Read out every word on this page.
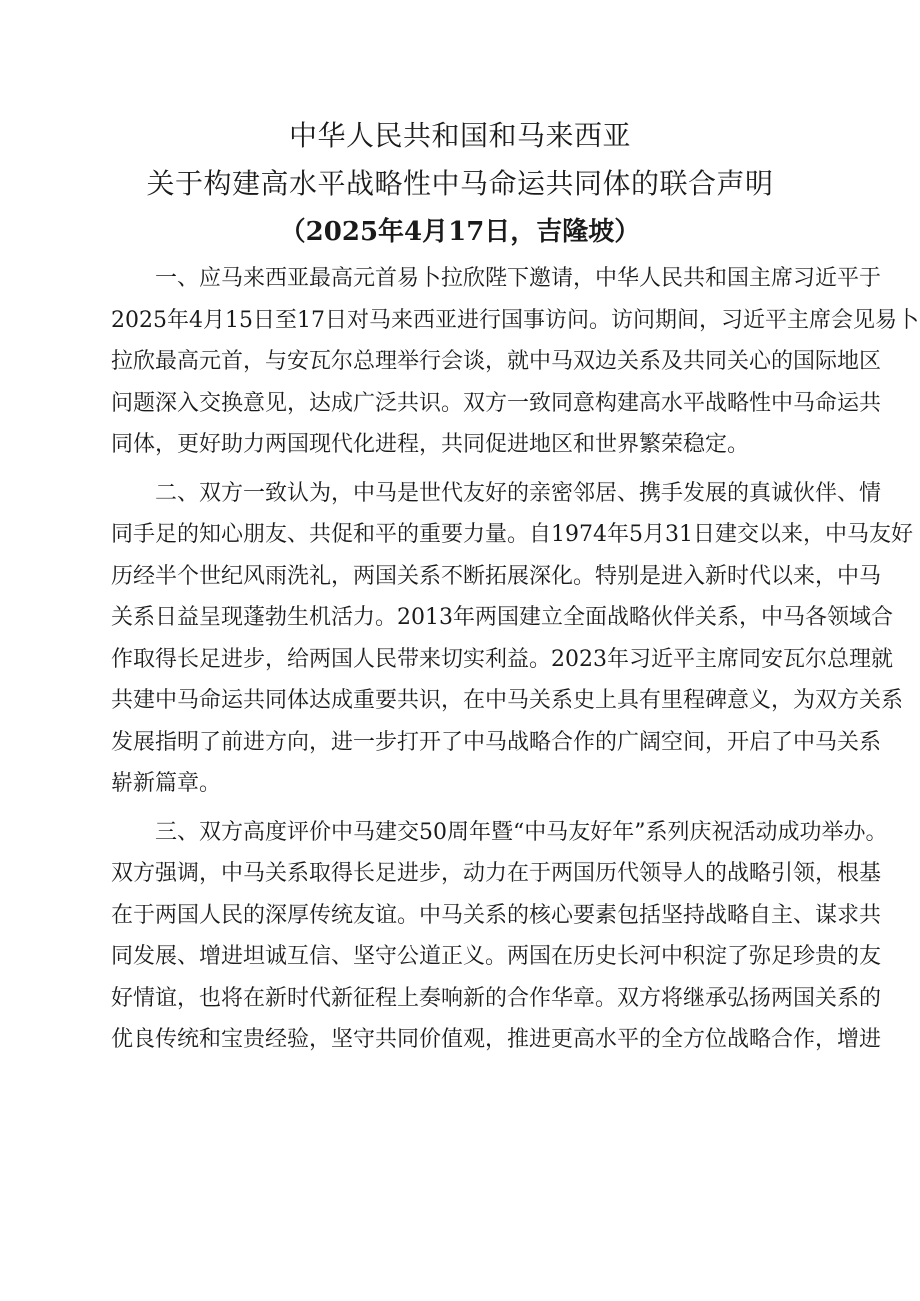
中华人民共和国和马来西亚
关于构建高水平战略性中马命运共同体的联合声明
（2025年4月17日，吉隆坡）
一、应马来西亚最高元首易卜拉欣陛下邀请，中华人民共和国主席习近平于
2025年4月15日至17日对马来西亚进行国事访问。访问期间，习近平主席会见易卜
拉欣最高元首，与安瓦尔总理举行会谈，就中马双边关系及共同关心的国际地区
问题深入交换意见，达成广泛共识。双方一致同意构建高水平战略性中马命运共
同体，更好助力两国现代化进程，共同促进地区和世界繁荣稳定。
二、双方一致认为，中马是世代友好的亲密邻居、携手发展的真诚伙伴、情
同手足的知心朋友、共促和平的重要力量。自1974年5月31日建交以来，中马友好
历经半个世纪风雨洗礼，两国关系不断拓展深化。特别是进入新时代以来，中马
关系日益呈现蓬勃生机活力。2013年两国建立全面战略伙伴关系，中马各领域合
作取得长足进步，给两国人民带来切实利益。2023年习近平主席同安瓦尔总理就
共建中马命运共同体达成重要共识，在中马关系史上具有里程碑意义，为双方关系
发展指明了前进方向，进一步打开了中马战略合作的广阔空间，开启了中马关系
崭新篇章。
三、双方高度评价中马建交50周年暨“中马友好年”系列庆祝活动成功举办。
双方强调，中马关系取得长足进步，动力在于两国历代领导人的战略引领，根基
在于两国人民的深厚传统友谊。中马关系的核心要素包括坚持战略自主、谋求共
同发展、增进坦诚互信、坚守公道正义。两国在历史长河中积淀了弥足珍贵的友
好情谊，也将在新时代新征程上奏响新的合作华章。双方将继承弘扬两国关系的
优良传统和宝贵经验，坚守共同价值观，推进更高水平的全方位战略合作，增进
